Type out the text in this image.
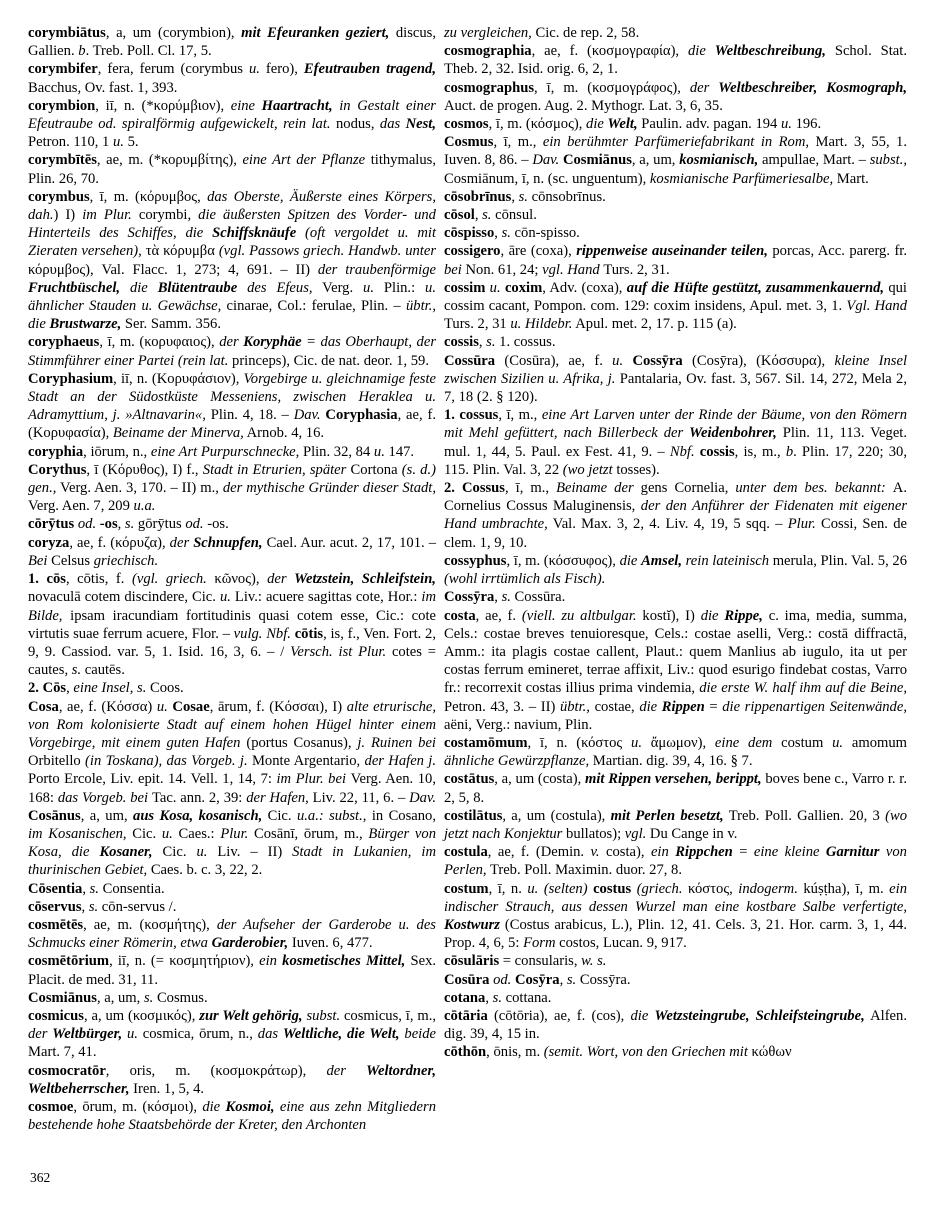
corymbiātus, a, um (corymbion), mit Efeuranken geziert, discus, Gallien. b. Treb. Poll. Cl. 17, 5.

corymbifer, fera, ferum (corymbus u. fero), Efeutrauben tragend, Bacchus, Ov. fast. 1, 393.

corymbion, iī, n. (*κορύμβιον), eine Haartracht, in Gestalt einer Efeutraube od. spiralförmig aufgewickelt, rein lat. nodus, das Nest, Petron. 110, 1 u. 5.

corymbītēs, ae, m. (*κορυμβίτης), eine Art der Pflanze tithymalus, Plin. 26, 70.

corymbus, ī, m. (κόρυμβος, das Oberste, Äußerste eines Körpers, dah.) I) im Plur. corymbi, die äußersten Spitzen des Vorder- und Hinterteils des Schiffes, die Schiffsknäufe (oft vergoldet u. mit Zieraten versehen), τὰ κόρυμβα (vgl. Passows griech. Handwb. unter κόρυμβος), Val. Flacc. 1, 273; 4, 691. – II) der traubenförmige Fruchtbüschel, die Blütentraube des Efeus, Verg. u. Plin.: u. ähnlicher Stauden u. Gewächse, cinarae, Col.: ferulae, Plin. – übtr., die Brustwarze, Ser. Samm. 356.

coryphaeus, ī, m. (κορυφαιος), der Koryphäe = das Oberhaupt, der Stimmführer einer Partei (rein lat. princeps), Cic. de nat. deor. 1, 59.

Coryphasium, iī, n. (Κορυφάσιον), Vorgebirge u. gleichnamige feste Stadt an der Südostküste Messeniens, zwischen Heraklea u. Adramyttium, j. »Altnavarin«, Plin. 4, 18. – Dav. Coryphasia, ae, f. (Κορυφασία), Beiname der Minerva, Arnob. 4, 16.

coryphia, iōrum, n., eine Art Purpurschnecke, Plin. 32, 84 u. 147.

Corythus, ī (Κόρυθος), I) f., Stadt in Etrurien, später Cortona (s. d.) gen., Verg. Aen. 3, 170. – II) m., der mythische Gründer dieser Stadt, Verg. Aen. 7, 209 u.a.

cōrȳtus od. -os, s. gōrȳtus od. -os.

coryza, ae, f. (κόρυζα), der Schnupfen, Cael. Aur. acut. 2, 17, 101. – Bei Celsus griechisch.

1. cōs, cōtis, f. (vgl. griech. κῶνος), der Wetzstein, Schleifstein, novaculā cotem discindere, Cic. u. Liv.: acuere sagittas cote, Hor.: im Bilde, ipsam iracundiam fortitudinis quasi cotem esse, Cic.: cote virtutis suae ferrum acuere, Flor. – vulg. Nbf. cōtis, is, f., Ven. Fort. 2, 9, 9. Cassiod. var. 5, 1. Isid. 16, 3, 6. – / Versch. ist Plur. cotes = cautes, s. cautēs.

2. Cōs, eine Insel, s. Coos.

Cosa, ae, f. (Κόσσα) u. Cosae, ārum, f. (Κόσσαι), I) alte etrurische, von Rom kolonisierte Stadt auf einem hohen Hügel hinter einem Vorgebirge, mit einem guten Hafen (portus Cosanus), j. Ruinen bei Orbitello (in Toskana), das Vorgeb. j. Monte Argentario, der Hafen j. Porto Ercole, Liv. epit. 14. Vell. 1, 14, 7: im Plur. bei Verg. Aen. 10, 168: das Vorgeb. bei Tac. ann. 2, 39: der Hafen, Liv. 22, 11, 6. – Dav. Cosānus, a, um, aus Kosa, kosanisch, Cic. u.a.: subst., in Cosano, im Kosanischen, Cic. u. Caes.: Plur. Cosānī, ōrum, m., Bürger von Kosa, die Kosaner, Cic. u. Liv. – II) Stadt in Lukanien, im thurinischen Gebiet, Caes. b. c. 3, 22, 2.

Cōsentia, s. Consentia.

cōservus, s. cōn-servus /.

cosmētēs, ae, m. (κοσμήτης), der Aufseher der Garderobe u. des Schmucks einer Römerin, etwa Garderobier, Iuven. 6, 477.

cosmētōrium, iī, n. (= κοσμητήριον), ein kosmetisches Mittel, Sex. Placit. de med. 31, 11.

Cosmiānus, a, um, s. Cosmus.

cosmicus, a, um (κοσμικός), zur Welt gehörig, subst. cosmicus, ī, m., der Weltbürger, u. cosmica, ōrum, n., das Weltliche, die Welt, beide Mart. 7, 41.

cosmocratōr, oris, m. (κοσμοκράτωρ), der Weltordner, Weltbeherrscher, Iren. 1, 5, 4.

cosmoe, ōrum, m. (κόσμοι), die Kosmoi, eine aus zehn Mitgliedern bestehende hohe Staatsbehörde der Kreter, den Archonten

zu vergleichen, Cic. de rep. 2, 58.

cosmographia, ae, f. (κοσμογραφία), die Weltbeschreibung, Schol. Stat. Theb. 2, 32. Isid. orig. 6, 2, 1.

cosmographus, ī, m. (κοσμογράφος), der Weltbeschreiber, Kosmograph, Auct. de progen. Aug. 2. Mythogr. Lat. 3, 6, 35.

cosmos, ī, m. (κόσμος), die Welt, Paulin. adv. pagan. 194 u. 196.

Cosmus, ī, m., ein berühmter Parfümeriefabrikant in Rom, Mart. 3, 55, 1. Iuven. 8, 86. – Dav. Cosmiānus, a, um, kosmianisch, ampullae, Mart. – subst., Cosmiānum, ī, n. (sc. unguentum), kosmianische Parfümeriesalbe, Mart.

cōsobrīnus, s. cōnsobrīnus.

cōsol, s. cōnsul.

cōspisso, s. cōn-spisso.

cossigero, āre (coxa), rippenweise auseinander teilen, porcas, Acc. parerg. fr. bei Non. 61, 24; vgl. Hand Turs. 2, 31.

cossim u. coxim, Adv. (coxa), auf die Hüfte gestützt, zusammenkauernd, qui cossim cacant, Pompon. com. 129: coxim insidens, Apul. met. 3, 1. Vgl. Hand Turs. 2, 31 u. Hildebr. Apul. met. 2, 17. p. 115 (a).

cossis, s. 1. cossus.

Cossūra (Cosūra), ae, f. u. Cossȳra (Cosȳra), (Κόσσυρα), kleine Insel zwischen Sizilien u. Afrika, j. Pantalaria, Ov. fast. 3, 567. Sil. 14, 272, Mela 2, 7, 18 (2. § 120).

1. cossus, ī, m., eine Art Larven unter der Rinde der Bäume, von den Römern mit Mehl gefüttert, nach Billerbeck der Weidenbohrer, Plin. 11, 113. Veget. mul. 1, 44, 5. Paul. ex Fest. 41, 9. – Nbf. cossis, is, m., b. Plin. 17, 220; 30, 115. Plin. Val. 3, 22 (wo jetzt tosses).

2. Cossus, ī, m., Beiname der gens Cornelia, unter dem bes. bekannt: A. Cornelius Cossus Maluginensis, der den Anführer der Fidenaten mit eigener Hand umbrachte, Val. Max. 3, 2, 4. Liv. 4, 19, 5 sqq. – Plur. Cossi, Sen. de clem. 1, 9, 10.

cossyphus, ī, m. (κόσσυφος), die Amsel, rein lateinisch merula, Plin. Val. 5, 26 (wohl irrtümlich als Fisch).

Cossȳra, s. Cossūra.

costa, ae, f. (viell. zu altbulgar. kostĭ), I) die Rippe, c. ima, media, summa, Cels.: costae breves tenuioresque, Cels.: costae aselli, Verg.: costā diffractā, Amm.: ita plagis costae callent, Plaut.: quem Manlius ab iugulo, ita ut per costas ferrum emineret, terrae affixit, Liv.: quod esurigo findebat costas, Varro fr.: recorrexit costas illius prima vindemia, die erste W. half ihm auf die Beine, Petron. 43, 3. – II) übtr., costae, die Rippen = die rippenartigen Seitenwände, aëni, Verg.: navium, Plin.

costamōmum, ī, n. (κόστος u. ἄμωμον), eine dem costum u. amomum ähnliche Gewürzpflanze, Martian. dig. 39, 4, 16. § 7.

costātus, a, um (costa), mit Rippen versehen, berippt, boves bene c., Varro r. r. 2, 5, 8.

costilātus, a, um (costula), mit Perlen besetzt, Treb. Poll. Gallien. 20, 3 (wo jetzt nach Konjektur bullatos); vgl. Du Cange in v.

costula, ae, f. (Demin. v. costa), ein Rippchen = eine kleine Garnitur von Perlen, Treb. Poll. Maximin. duor. 27, 8.

costum, ī, n. u. (selten) costus (griech. κόστος, indogerm. kúṣṭha), ī, m. ein indischer Strauch, aus dessen Wurzel man eine kostbare Salbe verfertigte, Kostwurz (Costus arabicus, L.), Plin. 12, 41. Cels. 3, 21. Hor. carm. 3, 1, 44. Prop. 4, 6, 5: Form costos, Lucan. 9, 917.

cōsulāris = consularis, w. s.

Cosūra od. Cosȳra, s. Cossȳra.

cotana, s. cottana.

cōtāria (cōtōria), ae, f. (cos), die Wetzsteingrube, Schleifsteingrube, Alfen. dig. 39, 4, 15 in.

cōthōn, ōnis, m. (semit. Wort, von den Griechen mit κώθων

362
